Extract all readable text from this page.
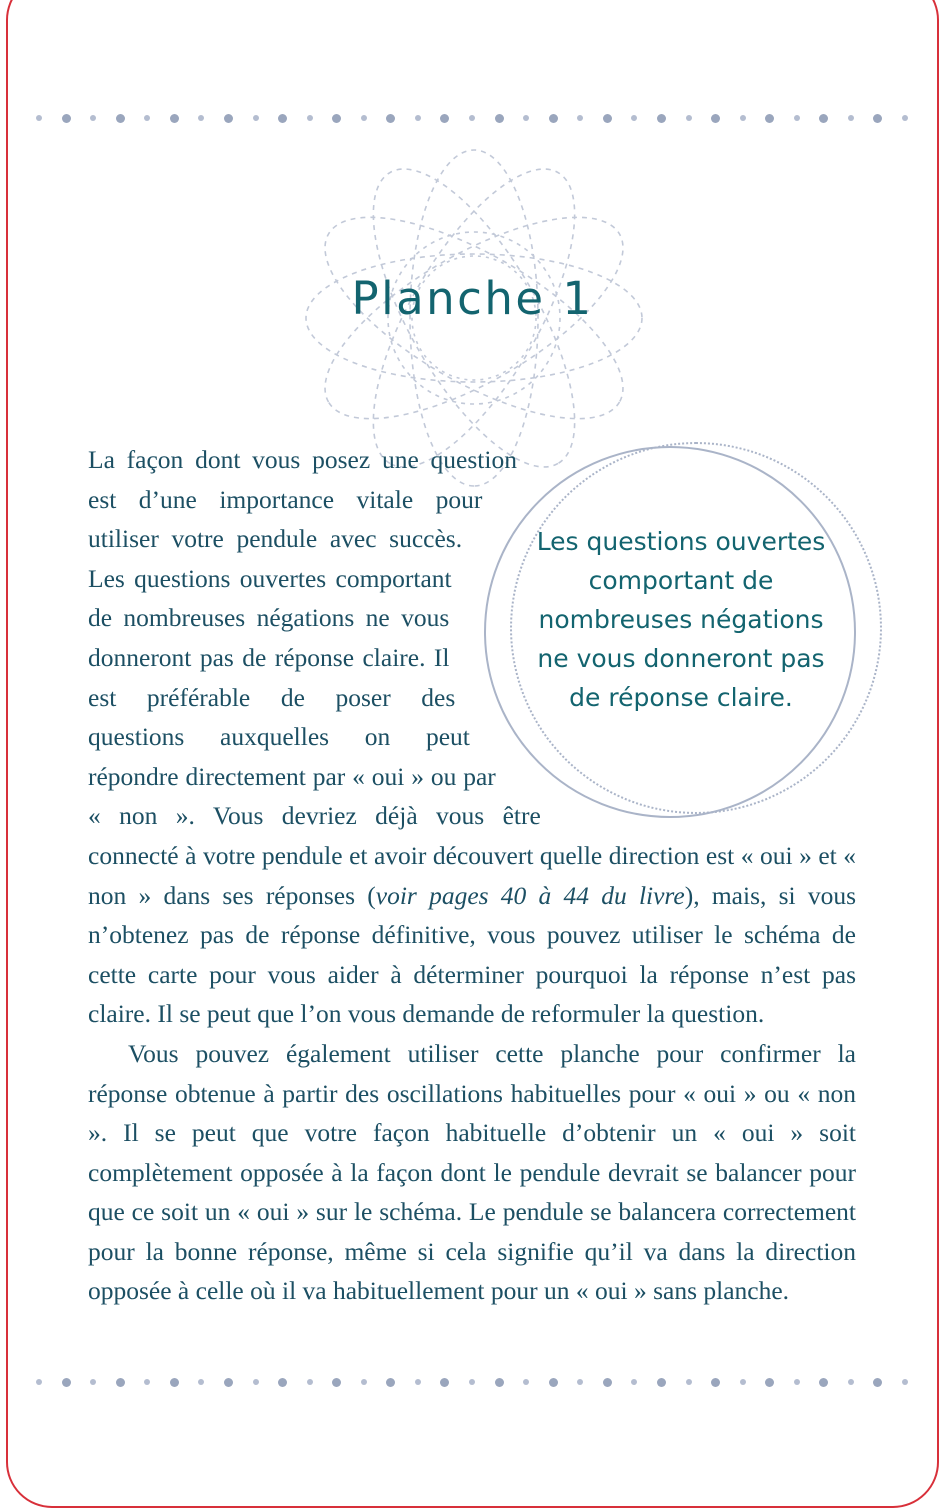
Planche 1
Les questions ouvertes comportant de nombreuses négations ne vous donneront pas de réponse claire.

La façon dont vous posez une question est d’une importance vitale pour utiliser votre pendule avec succès. Les questions ouvertes comportant de nombreuses négations ne vous donneront pas de réponse claire. Il est préférable de poser des questions auxquelles on peut répondre directement par « oui » ou par « non ». Vous devriez déjà vous être connecté à votre pendule et avoir découvert quelle direction est « oui » et « non » dans ses réponses (voir pages 40 à 44 du livre), mais, si vous n’obtenez pas de réponse définitive, vous pouvez utiliser le schéma de cette carte pour vous aider à déterminer pourquoi la réponse n’est pas claire. Il se peut que l’on vous demande de reformuler la question.

Vous pouvez également utiliser cette planche pour confirmer la réponse obtenue à partir des oscillations habituelles pour « oui » ou « non ». Il se peut que votre façon habituelle d’obtenir un « oui » soit complètement opposée à la façon dont le pendule devrait se balancer pour que ce soit un « oui » sur le schéma. Le pendule se balancera correctement pour la bonne réponse, même si cela signifie qu’il va dans la direction opposée à celle où il va habituellement pour un « oui » sans planche.
